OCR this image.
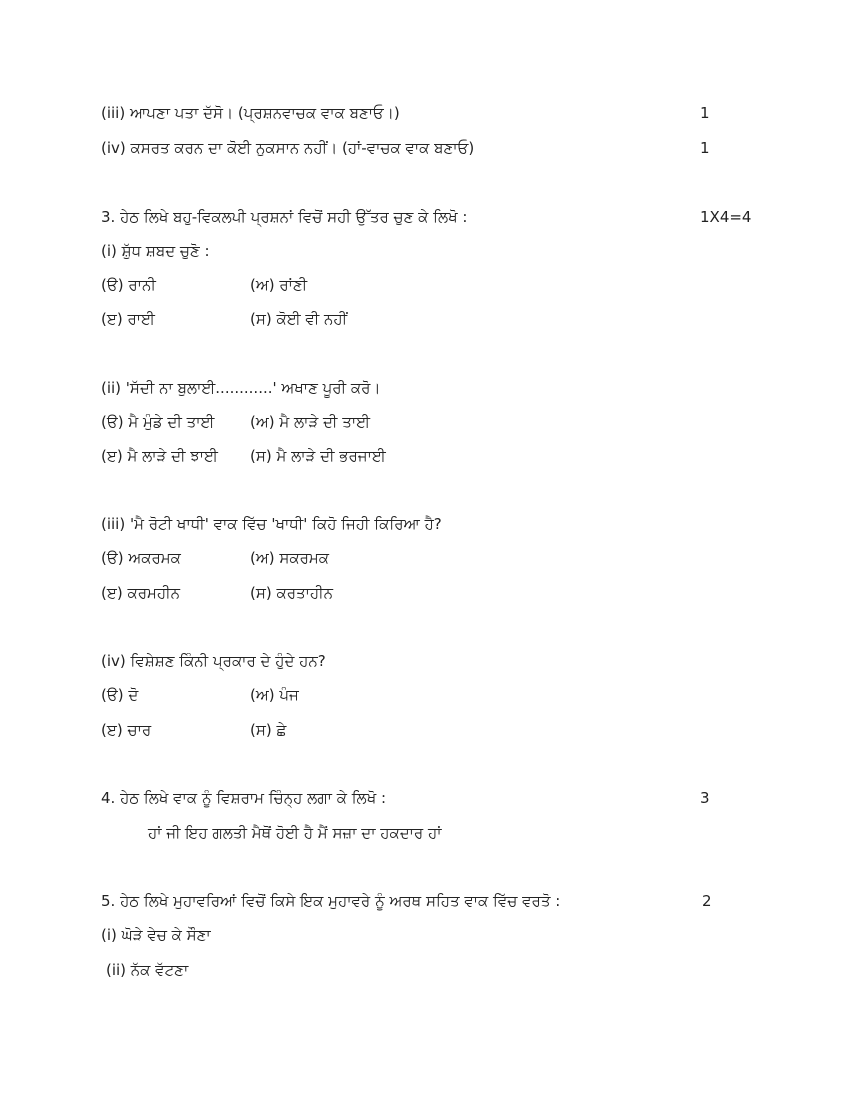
(iii) ਆਪਣਾ ਪਤਾ ਦੱਸੋ। (ਪ੍ਰਸ਼ਨਵਾਚਕ ਵਾਕ ਬਣਾਓ।)	1
(iv) ਕਸਰਤ ਕਰਨ ਦਾ ਕੋਈ ਨੁਕਸਾਨ ਨਹੀਂ। (ਹਾਂ-ਵਾਚਕ ਵਾਕ ਬਣਾਓ)	1
3. ਹੇਠ ਲਿਖੇ ਬਹੁ-ਵਿਕਲਪੀ ਪ੍ਰਸ਼ਨਾਂ ਵਿਚੋਂ ਸਹੀ ਉੱਤਰ ਚੁਣ ਕੇ ਲਿਖੋ :	1X4=4
(i) ਸ਼ੁੱਧ ਸ਼ਬਦ ਚੁਣੋ :
(ੳ) ਰਾਨੀ	(ਅ) ਰਾਂਣੀ
(ੲ) ਰਾਈ	(ਸ) ਕੋਈ ਵੀ ਨਹੀਂ
(ii) 'ਸੱਦੀ ਨਾ ਬੁਲਾਈ............' ਅਖਾਣ ਪੂਰੀ ਕਰੋ।
(ੳ) ਮੈ ਮੁੰਡੇ ਦੀ ਤਾਈ (ਅ) ਮੈ ਲਾੜੇ ਦੀ ਤਾਈ
(ੲ) ਮੈ ਲਾੜੇ ਦੀ ਝਾਈ (ਸ) ਮੈ ਲਾੜੇ ਦੀ ਭਰਜਾਈ
(iii) 'ਮੈ ਰੋਟੀ ਖਾਧੀ' ਵਾਕ ਵਿੱਚ 'ਖਾਧੀ' ਕਿਹੋ ਜਿਹੀ ਕਿਰਿਆ ਹੈ?
(ੳ) ਅਕਰਮਕ	(ਅ) ਸਕਰਮਕ
(ੲ) ਕਰਮਹੀਨ	(ਸ) ਕਰਤਾਹੀਨ
(iv) ਵਿਸ਼ੇਸ਼ਣ ਕਿੰਨੀ ਪ੍ਰਕਾਰ ਦੇ ਹੁੰਦੇ ਹਨ?
(ੳ) ਦੋ	(ਅ) ਪੰਜ
(ੲ) ਚਾਰ	(ਸ) ਛੇ
4. ਹੇਠ ਲਿਖੇ ਵਾਕ ਨੂੰ ਵਿਸ਼ਰਾਮ ਚਿੰਨ੍ਹ ਲਗਾ ਕੇ ਲਿਖੋ :	3
ਹਾਂ ਜੀ ਇਹ ਗਲਤੀ ਮੈਥੋਂ ਹੋਈ ਹੈ ਮੈਂ ਸਜ਼ਾ ਦਾ ਹਕਦਾਰ ਹਾਂ
5. ਹੇਠ ਲਿਖੇ ਮੁਹਾਵਰਿਆਂ ਵਿਚੋਂ ਕਿਸੇ ਇਕ ਮੁਹਾਵਰੇ ਨੂੰ ਅਰਥ ਸਹਿਤ ਵਾਕ ਵਿੱਚ ਵਰਤੋ :	2
(i) ਘੋੜੇ ਵੇਚ ਕੇ ਸੌਣਾ
(ii) ਨੱਕ ਵੱਟਣਾ
